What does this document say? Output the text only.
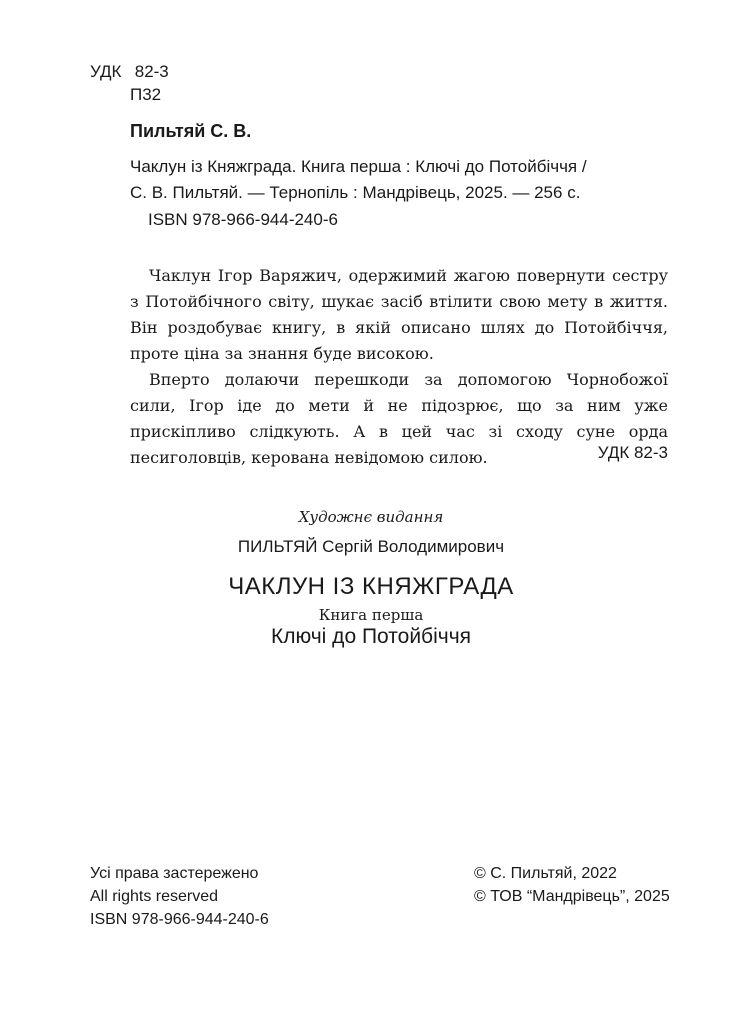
УДК 82-3
П32
Пильтяй С. В.
Чаклун із Княжграда. Книга перша : Ключі до Потойбіччя /
С. В. Пильтяй. — Тернопіль : Мандрівець, 2025. — 256 с.
ISBN 978-966-944-240-6

Чаклун Ігор Варяжич, одержимий жагою повернути сестру з Потойбічного світу, шукає засіб втілити свою мету в життя. Він роздобуває книгу, в якій описано шлях до Потойбіччя, проте ціна за знання буде високою.

Вперто долаючи перешкоди за допомогою Чорнобожої сили, Ігор іде до мети й не підозрює, що за ним уже прискіпливо слідкують. А в цей час зі сходу суне орда песиголовців, керована невідомою силою.	УДК 82-3
Художнє видання
ПИЛЬТЯЙ Сергій Володимирович
ЧАКЛУН ІЗ КНЯЖГРАДА
Книга перша
Ключі до Потойбіччя
Усі права застережено
All rights reserved
ISBN 978-966-944-240-6
© С. Пильтяй, 2022
© ТОВ “Мандрівець”, 2025
